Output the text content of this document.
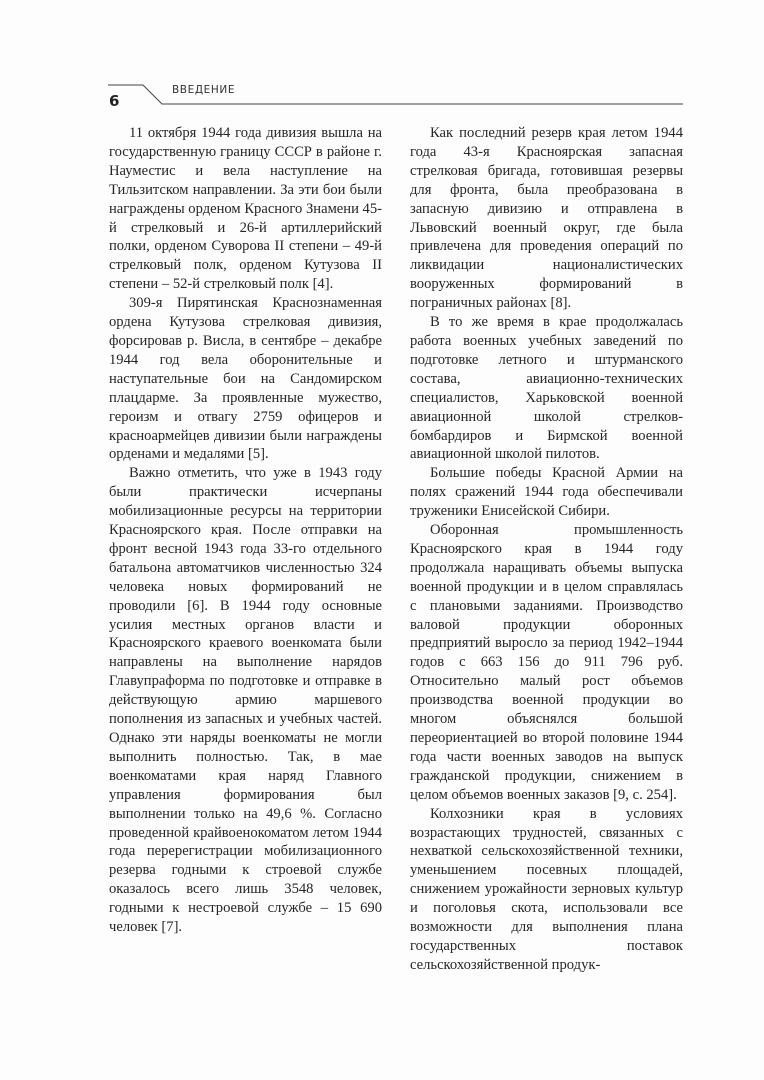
6
ВВЕДЕНИЕ

11 октября 1944 года дивизия вышла на государственную границу СССР в районе г. Науместис и вела наступление на Тильзитском направлении. За эти бои были награждены орденом Красного Знамени 45-й стрелковый и 26-й артиллерийский полки, орденом Суворова II степени – 49-й стрелковый полк, орденом Кутузова II степени – 52-й стрелковый полк [4].

309-я Пирятинская Краснознаменная ордена Кутузова стрелковая дивизия, форсировав р. Висла, в сентябре – декабре 1944 год вела оборонительные и наступательные бои на Сандомирском плацдарме. За проявленные мужество, героизм и отвагу 2759 офицеров и красноармейцев дивизии были награждены орденами и медалями [5].

Важно отметить, что уже в 1943 году были практически исчерпаны мобилизационные ресурсы на территории Красноярского края. После отправки на фронт весной 1943 года 33-го отдельного батальона автоматчиков численностью 324 человека новых формирований не проводили [6]. В 1944 году основные усилия местных органов власти и Красноярского краевого военкомата были направлены на выполнение нарядов Главупраформа по подготовке и отправке в действующую армию маршевого пополнения из запасных и учебных частей. Однако эти наряды военкоматы не могли выполнить полностью. Так, в мае военкоматами края наряд Главного управления формирования был выполнении только на 49,6 %. Согласно проведенной крайвоенокоматом летом 1944 года перерегистрации мобилизационного резерва годными к строевой службе оказалось всего лишь 3548 человек, годными к нестроевой службе – 15 690 человек [7].

Как последний резерв края летом 1944 года 43-я Красноярская запасная стрелковая бригада, готовившая резервы для фронта, была преобразована в запасную дивизию и отправлена в Львовский военный округ, где была привлечена для проведения операций по ликвидации националистических вооруженных формирований в пограничных районах [8].

В то же время в крае продолжалась работа военных учебных заведений по подготовке летного и штурманского состава, авиационно-технических специалистов, Харьковской военной авиационной школой стрелков-бомбардиров и Бирмской военной авиационной школой пилотов.

Большие победы Красной Армии на полях сражений 1944 года обеспечивали труженики Енисейской Сибири.

Оборонная промышленность Красноярского края в 1944 году продолжала наращивать объемы выпуска военной продукции и в целом справлялась с плановыми заданиями. Производство валовой продукции оборонных предприятий выросло за период 1942–1944 годов с 663 156 до 911 796 руб. Относительно малый рост объемов производства военной продукции во многом объяснялся большой переориентацией во второй половине 1944 года части военных заводов на выпуск гражданской продукции, снижением в целом объемов военных заказов [9, с. 254].

Колхозники края в условиях возрастающих трудностей, связанных с нехваткой сельскохозяйственной техники, уменьшением посевных площадей, снижением урожайности зерновых культур и поголовья скота, использовали все возможности для выполнения плана государственных поставок сельскохозяйственной продук-
